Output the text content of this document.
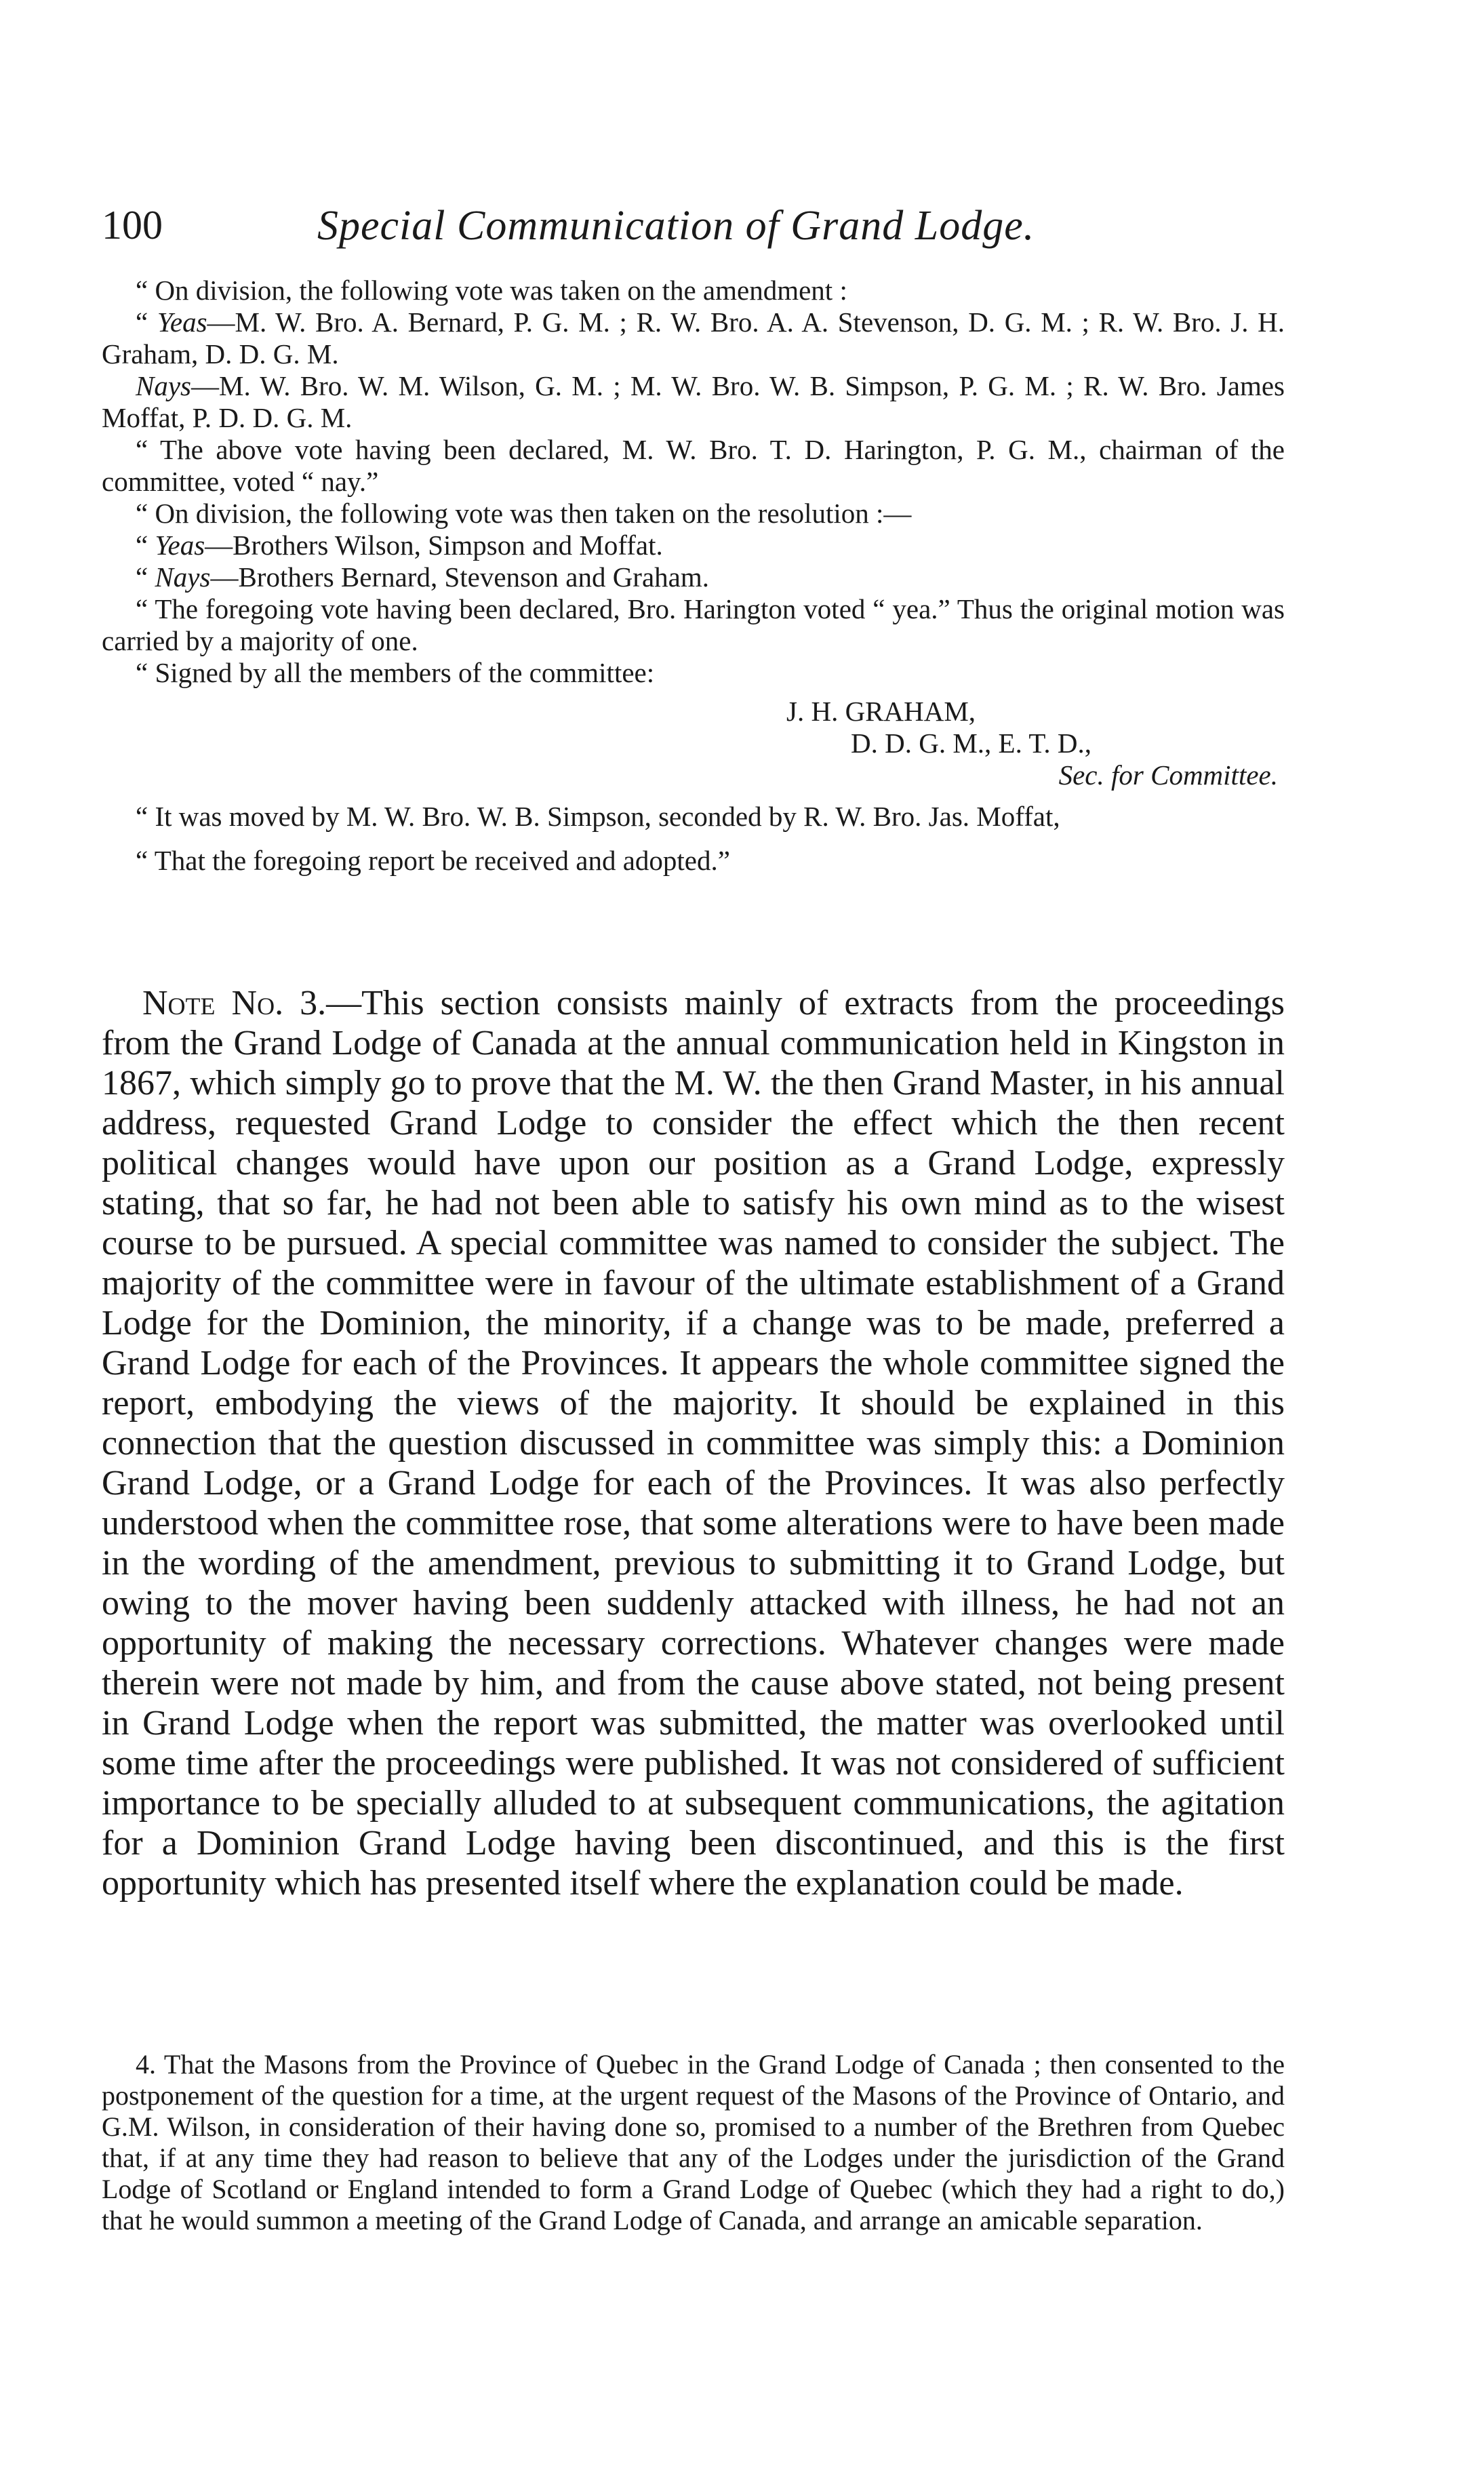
100	Special Communication of Grand Lodge.

“ On division, the following vote was taken on the amendment :

“ Yeas—M. W. Bro. A. Bernard, P. G. M. ; R. W. Bro. A. A. Stevenson, D. G. M. ; R. W. Bro. J. H. Graham, D. D. G. M.

Nays—M. W. Bro. W. M. Wilson, G. M. ; M. W. Bro. W. B. Simpson, P. G. M. ; R. W. Bro. James Moffat, P. D. D. G. M.

“ The above vote having been declared, M. W. Bro. T. D. Harington, P. G. M., chairman of the committee, voted “ nay.”

“ On division, the following vote was then taken on the resolution :—

“ Yeas—Brothers Wilson, Simpson and Moffat.

“ Nays—Brothers Bernard, Stevenson and Graham.

“ The foregoing vote having been declared, Bro. Harington voted “ yea.” Thus the original motion was carried by a majority of one.

“ Signed by all the members of the committee:

J. H. GRAHAM,

D. D. G. M., E. T. D.,

Sec. for Committee.

“ It was moved by M. W. Bro. W. B. Simpson, seconded by R. W. Bro. Jas. Moffat,

“ That the foregoing report be received and adopted.”

Note No. 3.—This section consists mainly of extracts from the proceedings from the Grand Lodge of Canada at the annual communication held in Kingston in 1867, which simply go to prove that the M. W. the then Grand Master, in his annual address, requested Grand Lodge to consider the effect which the then recent political changes would have upon our position as a Grand Lodge, expressly stating, that so far, he had not been able to satisfy his own mind as to the wisest course to be pursued. A special committee was named to consider the subject. The majority of the committee were in favour of the ultimate establishment of a Grand Lodge for the Dominion, the minority, if a change was to be made, preferred a Grand Lodge for each of the Provinces. It appears the whole committee signed the report, embodying the views of the majority. It should be explained in this connection that the question discussed in committee was simply this: a Dominion Grand Lodge, or a Grand Lodge for each of the Provinces. It was also perfectly understood when the committee rose, that some alterations were to have been made in the wording of the amendment, previous to submitting it to Grand Lodge, but owing to the mover having been suddenly attacked with illness, he had not an opportunity of making the necessary corrections. Whatever changes were made therein were not made by him, and from the cause above stated, not being present in Grand Lodge when the report was submitted, the matter was overlooked until some time after the proceedings were published. It was not considered of sufficient importance to be specially alluded to at subsequent communications, the agitation for a Dominion Grand Lodge having been discontinued, and this is the first opportunity which has presented itself where the explanation could be made.

4. That the Masons from the Province of Quebec in the Grand Lodge of Canada ; then consented to the postponement of the question for a time, at the urgent request of the Masons of the Province of Ontario, and G.M. Wilson, in consideration of their having done so, promised to a number of the Brethren from Quebec that, if at any time they had reason to believe that any of the Lodges under the jurisdiction of the Grand Lodge of Scotland or England intended to form a Grand Lodge of Quebec (which they had a right to do,) that he would summon a meeting of the Grand Lodge of Canada, and arrange an amicable separation.
